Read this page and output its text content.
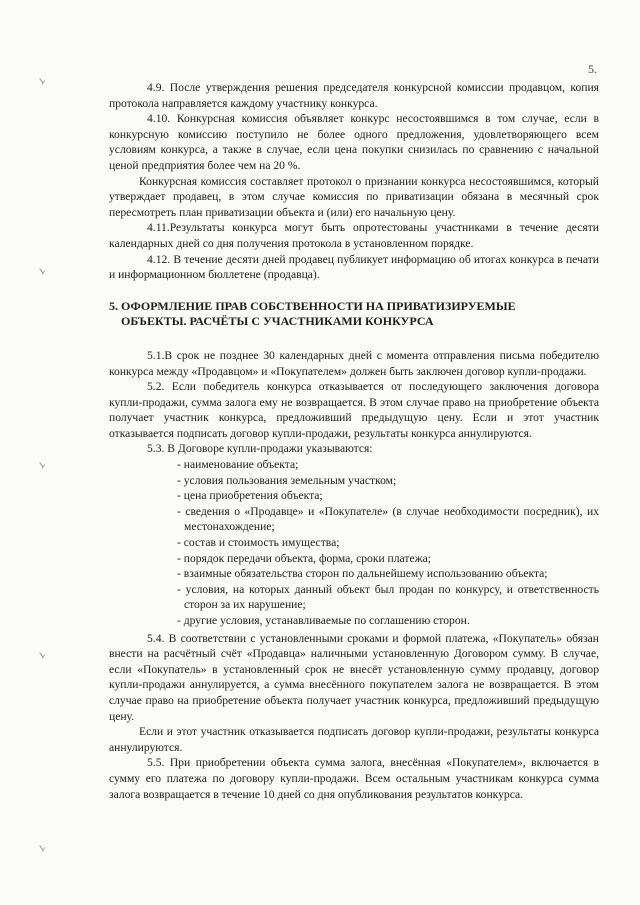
5.

4.9. После утверждения решения председателя конкурсной комиссии продавцом, копия протокола направляется каждому участнику конкурса.

4.10. Конкурсная комиссия объявляет конкурс несостоявшимся в том случае, если в конкурсную комиссию поступило не более одного предложения, удовлетворяющего всем условиям конкурса, а также в случае, если цена покупки снизилась по сравнению с начальной ценой предприятия более чем на 20 %.

Конкурсная комиссия составляет протокол о признании конкурса несостоявшимся, который утверждает продавец, в этом случае комиссия по приватизации обязана в месячный срок пересмотреть план приватизации объекта и (или) его начальную цену.

4.11.Результаты конкурса могут быть опротестованы участниками в течение десяти календарных дней со дня получения протокола в установленном порядке.

4.12. В течение десяти дней продавец публикует информацию об итогах конкурса в печати и информационном бюллетене (продавца).

5. ОФОРМЛЕНИЕ ПРАВ СОБСТВЕННОСТИ НА ПРИВАТИЗИРУЕМЫЕ
ОБЪЕКТЫ. РАСЧЁТЫ С УЧАСТНИКАМИ КОНКУРСА

5.1.В срок не позднее 30 календарных дней с момента отправления письма победителю конкурса между «Продавцом» и «Покупателем» должен быть заключен договор купли-продажи.

5.2. Если победитель конкурса отказывается от последующего заключения договора купли-продажи, сумма залога ему не возвращается. В этом случае право на приобретение объекта получает участник конкурса, предложивший предыдущую цену. Если и этот участник отказывается подписать договор купли-продажи, результаты конкурса аннулируются.

5.3. В Договоре купли-продажи указываются:

- наименование объекта;
- условия пользования земельным участком;
- цена приобретения объекта;
- сведения о «Продавце» и «Покупателе» (в случае необходимости посредник), их местонахождение;
- состав и стоимость имущества;
- порядок передачи объекта, форма, сроки платежа;
- взаимные обязательства сторон по дальнейшему использованию объекта;
- условия, на которых данный объект был продан по конкурсу, и ответственность сторон за их нарушение;
- другие условия, устанавливаемые по соглашению сторон.

5.4. В соответствии с установленными сроками и формой платежа, «Покупатель» обязан внести на расчётный счёт «Продавца» наличными установленную Договором сумму. В случае, если «Покупатель» в установленный срок не внесёт установленную сумму продавцу, договор купли-продажи аннулируется, а сумма внесённого покупателем залога не возвращается. В этом случае право на приобретение объекта получает участник конкурса, предложивший предыдущую цену.

Если и этот участник отказывается подписать договор купли-продажи, результаты конкурса аннулируются.

5.5. При приобретении объекта сумма залога, внесённая «Покупателем», включается в сумму его платежа по договору купли-продажи. Всем остальным участникам конкурса сумма залога возвращается в течение 10 дней со дня опубликования результатов конкурса.
